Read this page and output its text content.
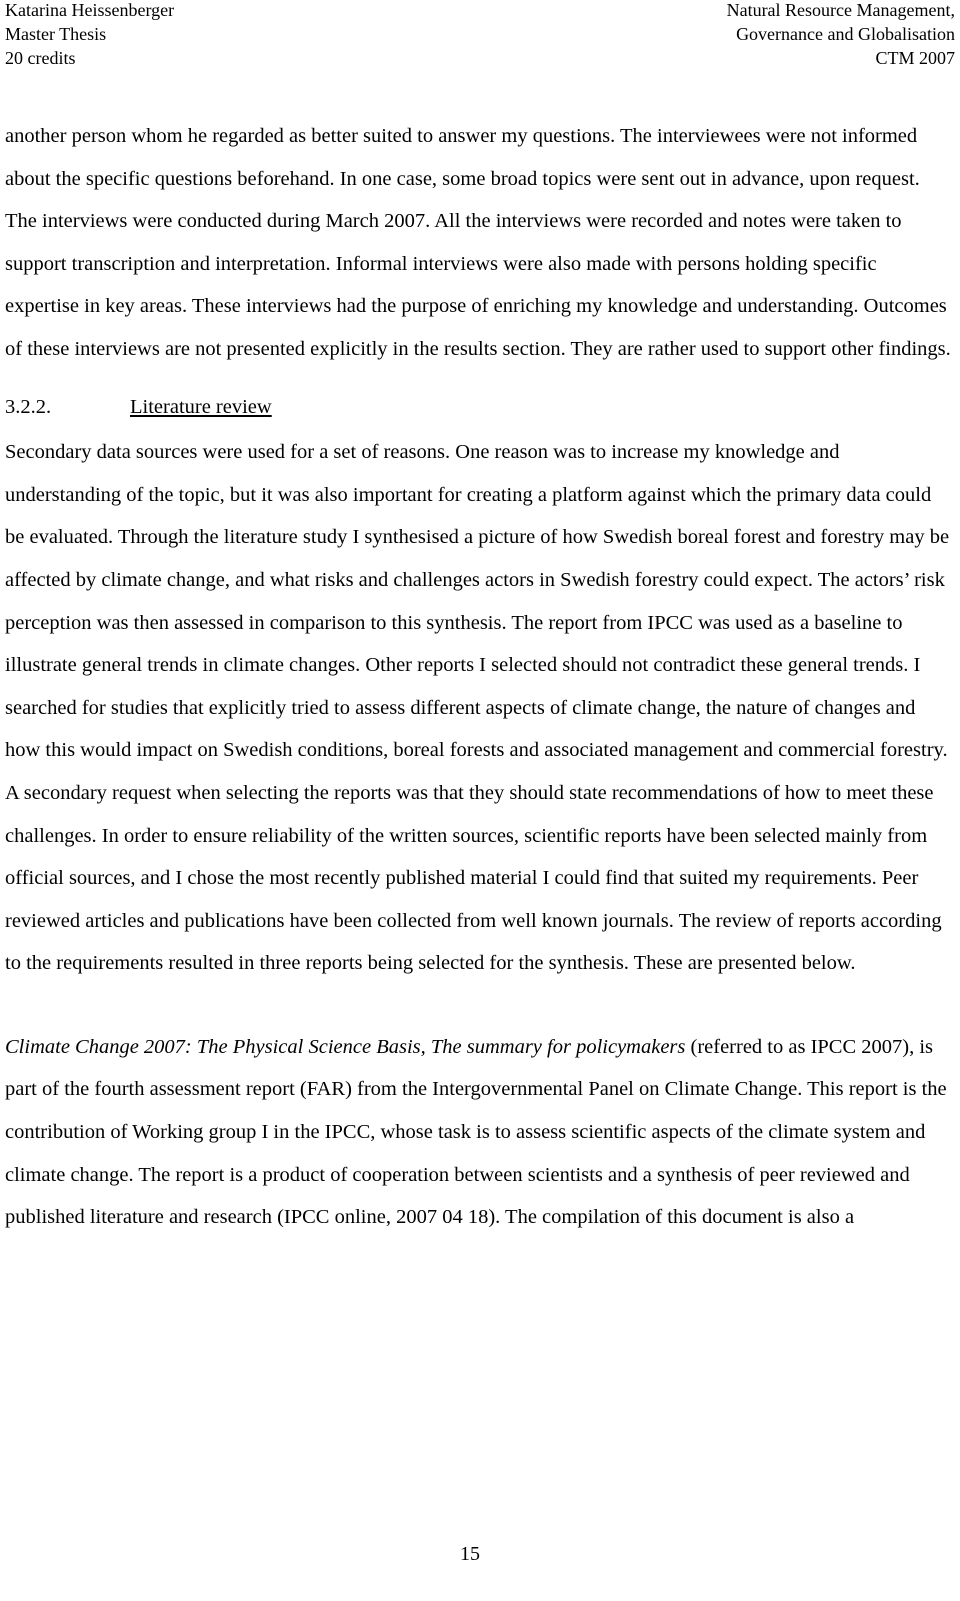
Katarina Heissenberger
Master Thesis
20 credits
Natural Resource Management,
Governance and Globalisation
CTM 2007

another person whom he regarded as better suited to answer my questions. The interviewees were not informed about the specific questions beforehand. In one case, some broad topics were sent out in advance, upon request. The interviews were conducted during March 2007. All the interviews were recorded and notes were taken to support transcription and interpretation. Informal interviews were also made with persons holding specific expertise in key areas. These interviews had the purpose of enriching my knowledge and understanding. Outcomes of these interviews are not presented explicitly in the results section. They are rather used to support other findings.

3.2.2.	Literature review

Secondary data sources were used for a set of reasons. One reason was to increase my knowledge and understanding of the topic, but it was also important for creating a platform against which the primary data could be evaluated. Through the literature study I synthesised a picture of how Swedish boreal forest and forestry may be affected by climate change, and what risks and challenges actors in Swedish forestry could expect. The actors’ risk perception was then assessed in comparison to this synthesis. The report from IPCC was used as a baseline to illustrate general trends in climate changes. Other reports I selected should not contradict these general trends. I searched for studies that explicitly tried to assess different aspects of climate change, the nature of changes and how this would impact on Swedish conditions, boreal forests and associated management and commercial forestry. A secondary request when selecting the reports was that they should state recommendations of how to meet these challenges. In order to ensure reliability of the written sources, scientific reports have been selected mainly from official sources, and I chose the most recently published material I could find that suited my requirements. Peer reviewed articles and publications have been collected from well known journals. The review of reports according to the requirements resulted in three reports being selected for the synthesis. These are presented below.

Climate Change 2007: The Physical Science Basis, The summary for policymakers (referred to as IPCC 2007), is part of the fourth assessment report (FAR) from the Intergovernmental Panel on Climate Change. This report is the contribution of Working group I in the IPCC, whose task is to assess scientific aspects of the climate system and climate change. The report is a product of cooperation between scientists and a synthesis of peer reviewed and published literature and research (IPCC online, 2007 04 18). The compilation of this document is also a

15
